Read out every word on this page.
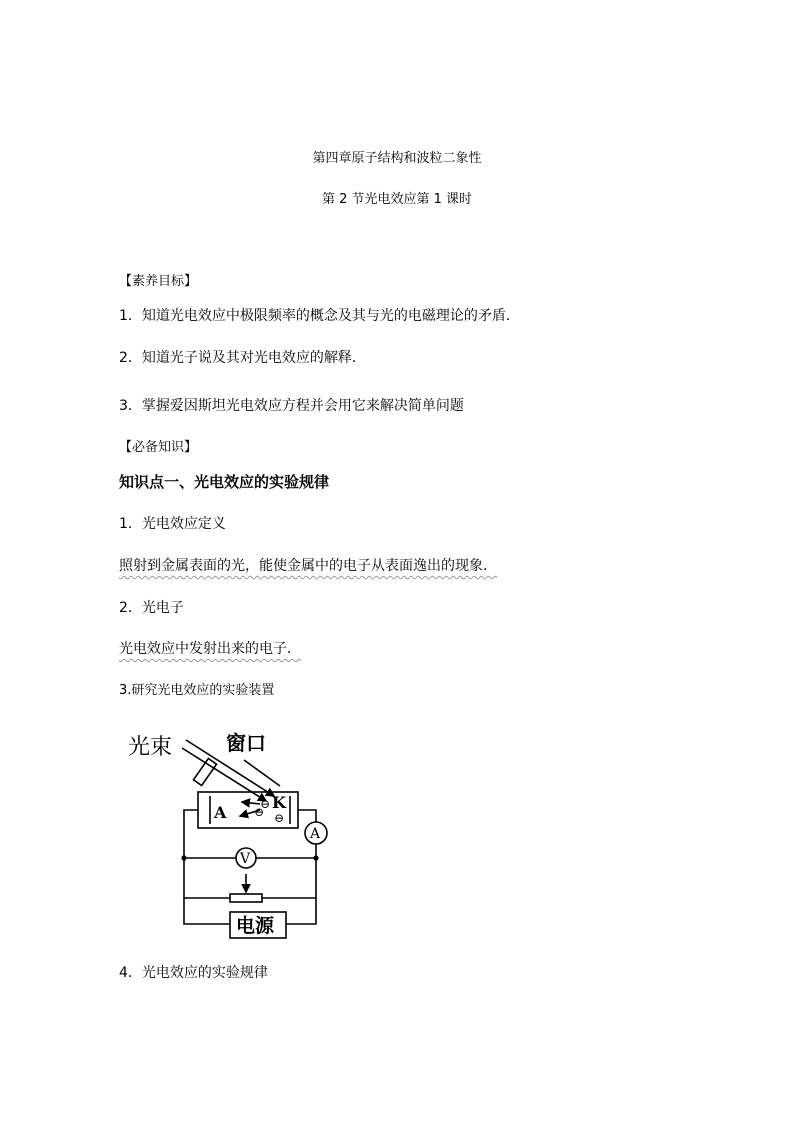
第四章原子结构和波粒二象性
第 2 节光电效应第 1 课时
【素养目标】
1．知道光电效应中极限频率的概念及其与光的电磁理论的矛盾．
2．知道光子说及其对光电效应的解释．
3．掌握爱因斯坦光电效应方程并会用它来解决简单问题
【必备知识】
知识点一、光电效应的实验规律
1．光电效应定义
照射到金属表面的光，能使金属中的电子从表面逸出的现象．
2．光电子
光电效应中发射出来的电子．
3.研究光电效应的实验装置
光束	窗口
A
K
⊖
⊖ ⊖
A
V
电源
4．光电效应的实验规律
